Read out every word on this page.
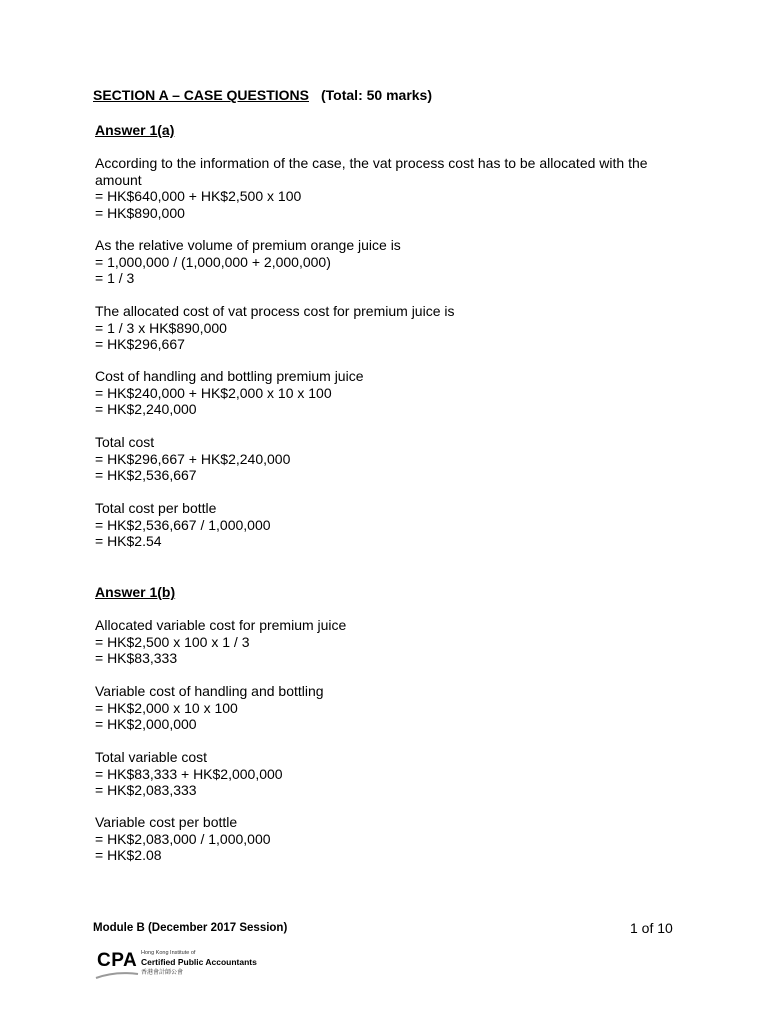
SECTION A – CASE QUESTIONS (Total: 50 marks)
Answer 1(a)
According to the information of the case, the vat process cost has to be allocated with the amount
= HK$640,000 + HK$2,500 x 100
= HK$890,000
As the relative volume of premium orange juice is
= 1,000,000 / (1,000,000 + 2,000,000)
= 1 / 3
The allocated cost of vat process cost for premium juice is
= 1 / 3 x HK$890,000
= HK$296,667
Cost of handling and bottling premium juice
= HK$240,000 + HK$2,000 x 10 x 100
= HK$2,240,000
Total cost
= HK$296,667 + HK$2,240,000
= HK$2,536,667
Total cost per bottle
= HK$2,536,667 / 1,000,000
= HK$2.54
Answer 1(b)
Allocated variable cost for premium juice
= HK$2,500 x 100 x 1 / 3
= HK$83,333
Variable cost of handling and bottling
= HK$2,000 x 10 x 100
= HK$2,000,000
Total variable cost
= HK$83,333 + HK$2,000,000
= HK$2,083,333
Variable cost per bottle
= HK$2,083,000 / 1,000,000
= HK$2.08
Module B (December 2017 Session)	1 of 10
CPA Hong Kong Institute of
Certified Public Accountants
香港會計師公會
